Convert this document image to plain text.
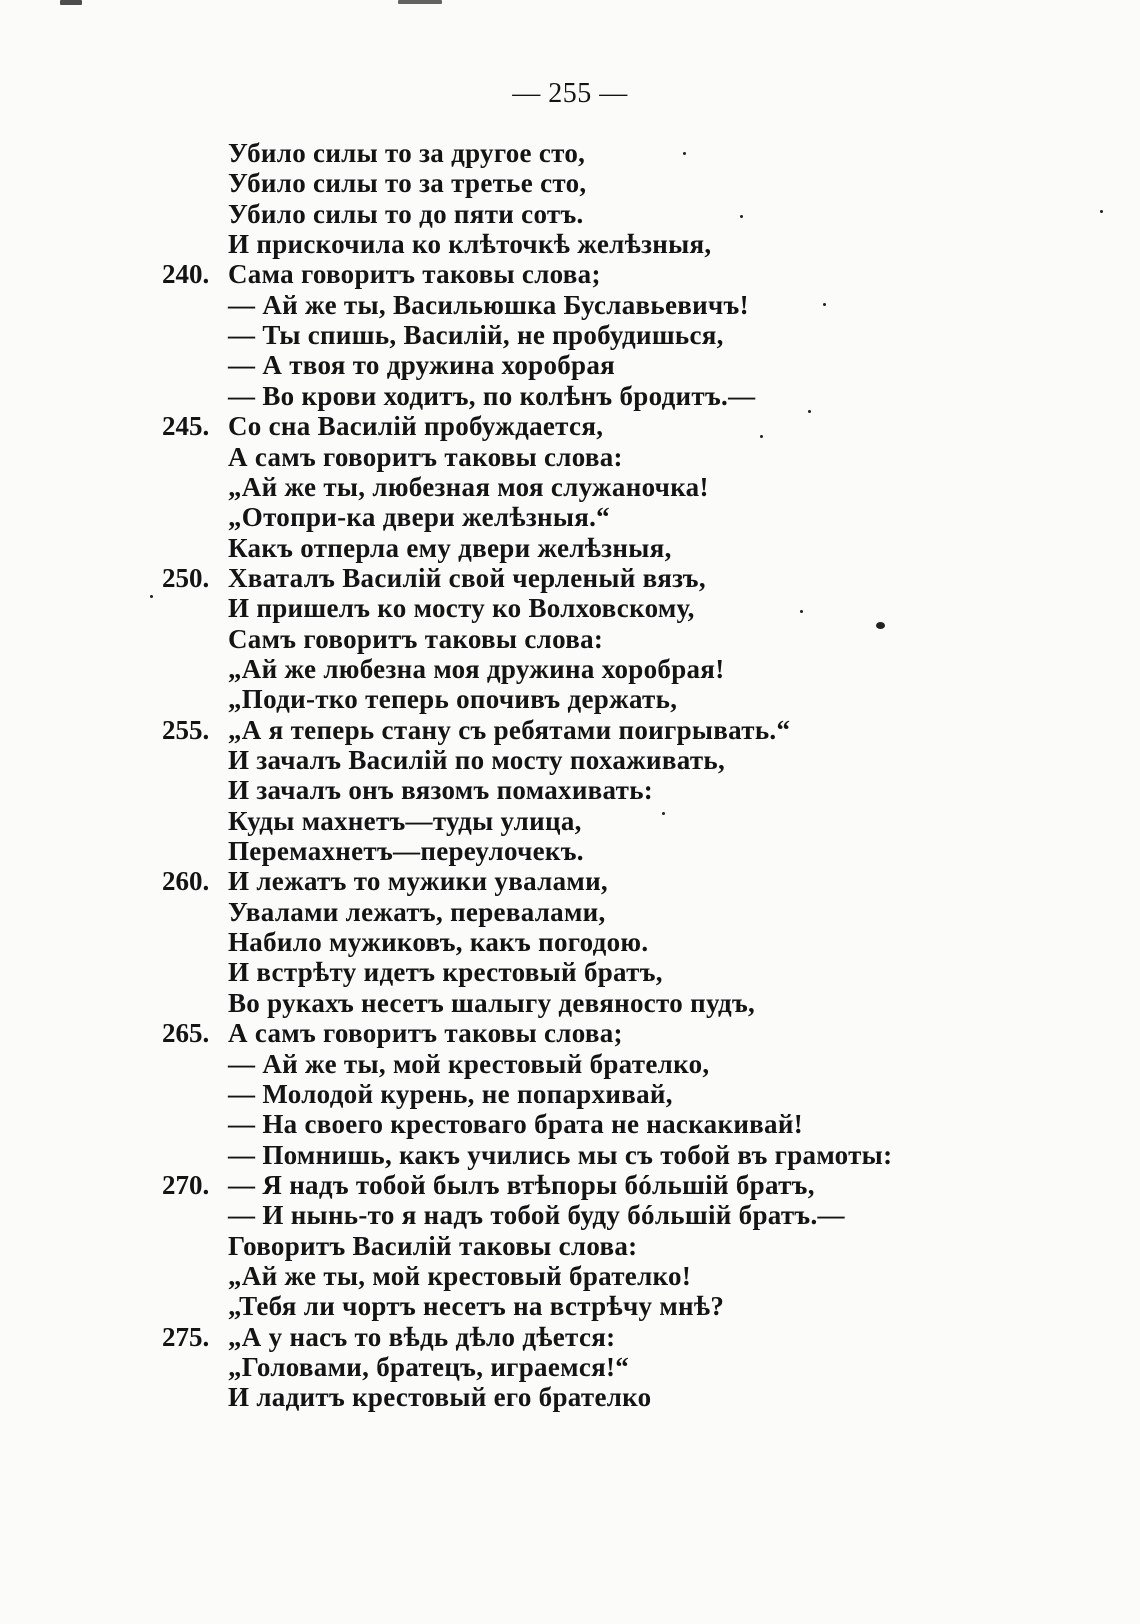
— 255 —
Убило силы то за другое сто,
Убило силы то за третье сто,
Убило силы то до пяти сотъ.
И прискочила ко клѣточкѣ желѣзныя,
240. Сама говоритъ таковы слова;
— Ай же ты, Васильюшка Буславьевичъ!
— Ты спишь, Василій, не пробудишься,
— А твоя то дружина хоробрая
— Во крови ходитъ, по колѣнъ бродитъ.—
245. Со сна Василій пробуждается,
А самъ говоритъ таковы слова:
„Ай же ты, любезная моя служаночка!
„Отопри-ка двери желѣзныя.“
Какъ отперла ему двери желѣзныя,
250. Хваталъ Василій свой черленый вязъ,
И пришелъ ко мосту ко Волховскому,
Самъ говоритъ таковы слова:
„Ай же любезна моя дружина хоробрая!
„Поди-тко теперь опочивъ держать,
255. „А я теперь стану съ ребятами поигрывать.“
И зачалъ Василій по мосту похаживать,
И зачалъ онъ вязомъ помахивать:
Куды махнетъ—туды улица,
Перемахнетъ—переулочекъ.
260. И лежатъ то мужики увалами,
Увалами лежатъ, перевалами,
Набило мужиковъ, какъ погодою.
И встрѣту идетъ крестовый братъ,
Во рукахъ несетъ шалыгу девяносто пудъ,
265. А самъ говоритъ таковы слова;
— Ай же ты, мой крестовый брателко,
— Молодой курень, не попархивай,
— На своего крестоваго брата не наскакивай!
— Помнишь, какъ учились мы съ тобой въ грамоты:
270. — Я надъ тобой былъ втѣпоры бóльшій братъ,
— И нынь-то я надъ тобой буду бóльшій братъ.—
Говоритъ Василій таковы слова:
„Ай же ты, мой крестовый брателко!
„Тебя ли чортъ несетъ на встрѣчу мнѣ?
275. „А у насъ то вѣдь дѣло дѣется:
„Головами, братецъ, играемся!“
И ладитъ крестовый его брателко
